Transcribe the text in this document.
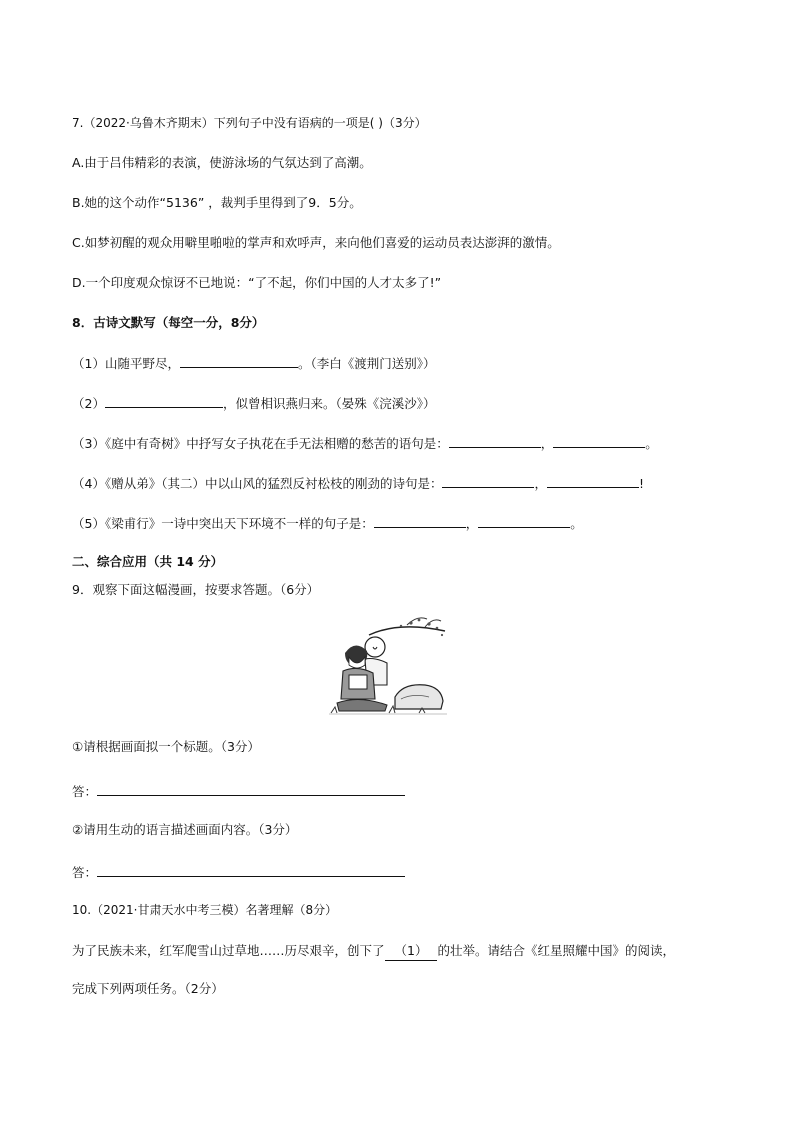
7.（2022·乌鲁木齐期末）下列句子中没有语病的一项是( )（3分）
A.由于吕伟精彩的表演，使游泳场的气氛达到了高潮。
B.她的这个动作“5136” ，裁判手里得到了9．5分。
C.如梦初醒的观众用噼里啪啦的掌声和欢呼声，来向他们喜爱的运动员表达澎湃的激情。
D.一个印度观众惊讶不已地说：“了不起，你们中国的人才太多了!”
8．古诗文默写（每空一分，8分）
（1）山随平野尽，	。（李白《渡荆门送别》）
（2）	，似曾相识燕归来。（晏殊《浣溪沙》）
（3）《庭中有奇树》中抒写女子执花在手无法相赠的愁苦的语句是：	，	。
（4）《赠从弟》（其二）中以山风的猛烈反衬松枝的刚劲的诗句是：	，	!
（5）《梁甫行》一诗中突出天下环境不一样的句子是：	，	。
二、综合应用（共 14 分）
9．观察下面这幅漫画，按要求答题。（6分）
①请根据画面拟一个标题。（3分）
答：
②请用生动的语言描述画面内容。（3分）
答：
10.（2021·甘肃天水中考三模）名著理解（8分）
为了民族未来，红军爬雪山过草地……历尽艰辛，创下了 （1） 的壮举。请结合《红星照耀中国》的阅读，
完成下列两项任务。（2分）
